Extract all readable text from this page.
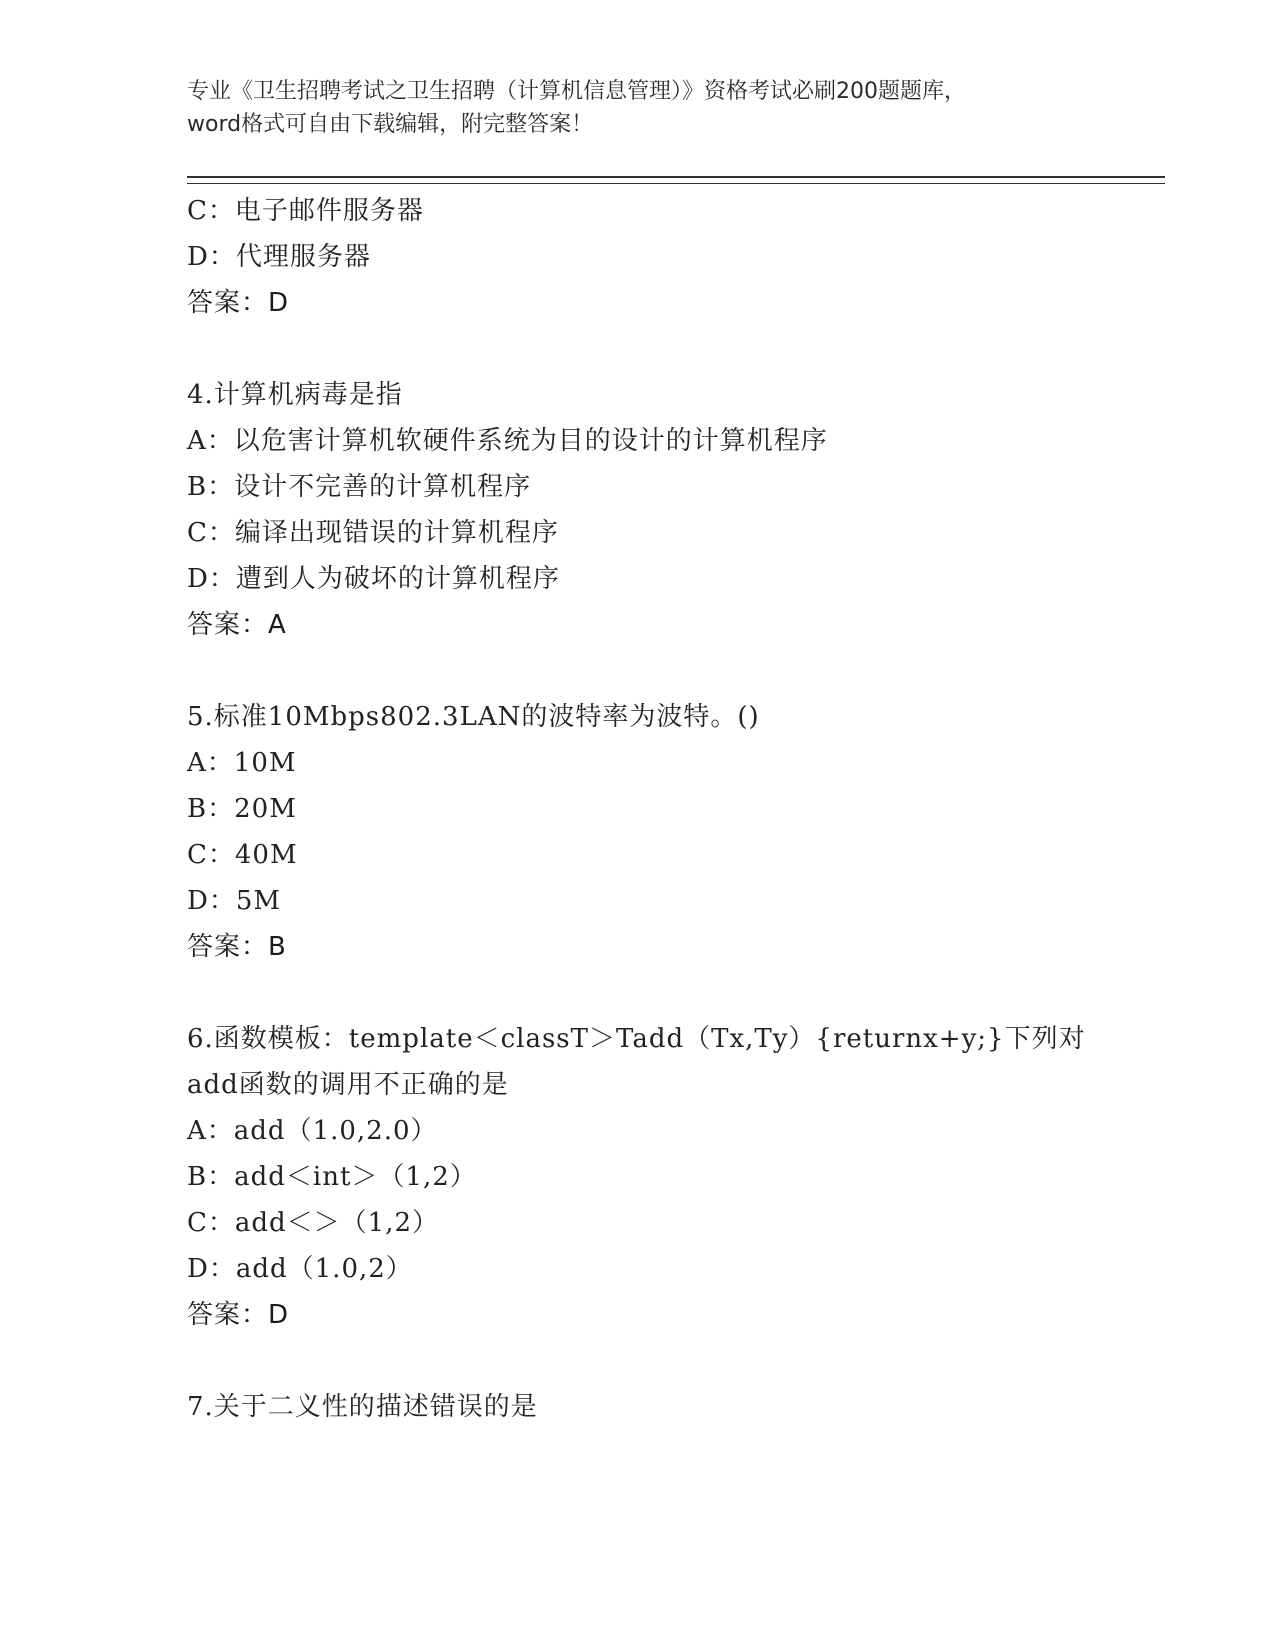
专业《卫生招聘考试之卫生招聘（计算机信息管理）》资格考试必刷200题题库，
word格式可自由下载编辑，附完整答案！
C：电子邮件服务器
D：代理服务器
答案：D
4.计算机病毒是指
A：以危害计算机软硬件系统为目的设计的计算机程序
B：设计不完善的计算机程序
C：编译出现错误的计算机程序
D：遭到人为破坏的计算机程序
答案：A
5.标准10Mbps802.3LAN的波特率为波特。()
A：10M
B：20M
C：40M
D：5M
答案：B
6.函数模板：template＜classT＞Tadd（Tx,Ty）{returnx+y;}下列对
add函数的调用不正确的是
A：add（1.0,2.0）
B：add＜int＞（1,2）
C：add＜＞（1,2）
D：add（1.0,2）
答案：D
7.关于二义性的描述错误的是
